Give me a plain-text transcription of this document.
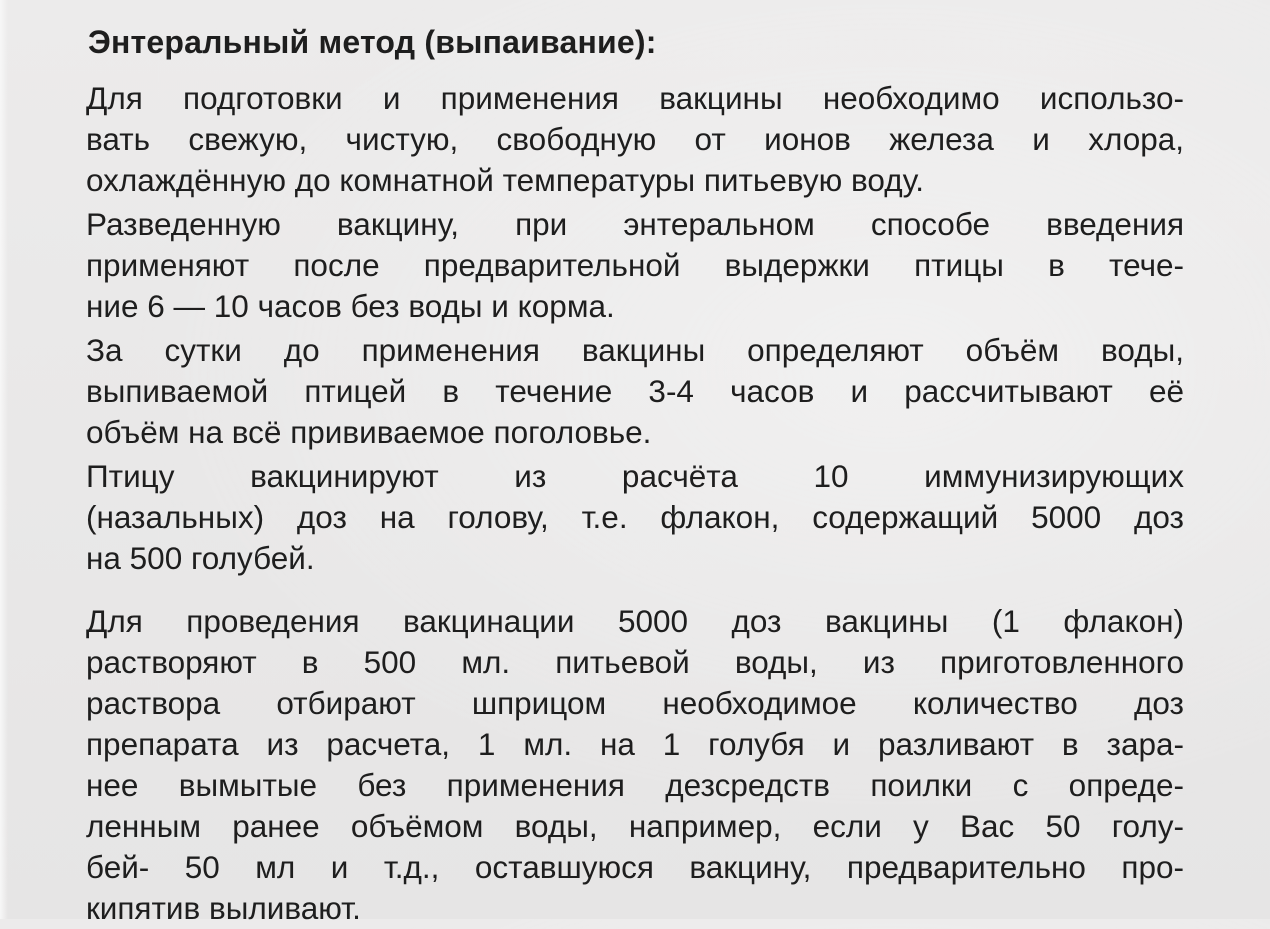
Энтеральный метод (выпаивание):
Для подготовки и применения вакцины необходимо использо-
вать свежую, чистую, свободную от ионов железа и хлора,
охлаждённую до комнатной температуры питьевую воду.
Разведенную вакцину, при энтеральном способе введения
применяют после предварительной выдержки птицы в тече-
ние 6 — 10 часов без воды и корма.
За сутки до применения вакцины определяют объём воды,
выпиваемой птицей в течение 3-4 часов и рассчитывают её
объём на всё прививаемое поголовье.
Птицу вакцинируют из расчёта 10 иммунизирующих
(назальных) доз на голову, т.е. флакон, содержащий 5000 доз
на 500 голубей.
Для проведения вакцинации 5000 доз вакцины (1 флакон)
растворяют в 500 мл. питьевой воды, из приготовленного
раствора отбирают шприцом необходимое количество доз
препарата из расчета, 1 мл. на 1 голубя и разливают в зара-
нее вымытые без применения дезсредств поилки с опреде-
ленным ранее объёмом воды, например, если у Вас 50 голу-
бей- 50 мл и т.д., оставшуюся вакцину, предварительно про-
кипятив выливают.
